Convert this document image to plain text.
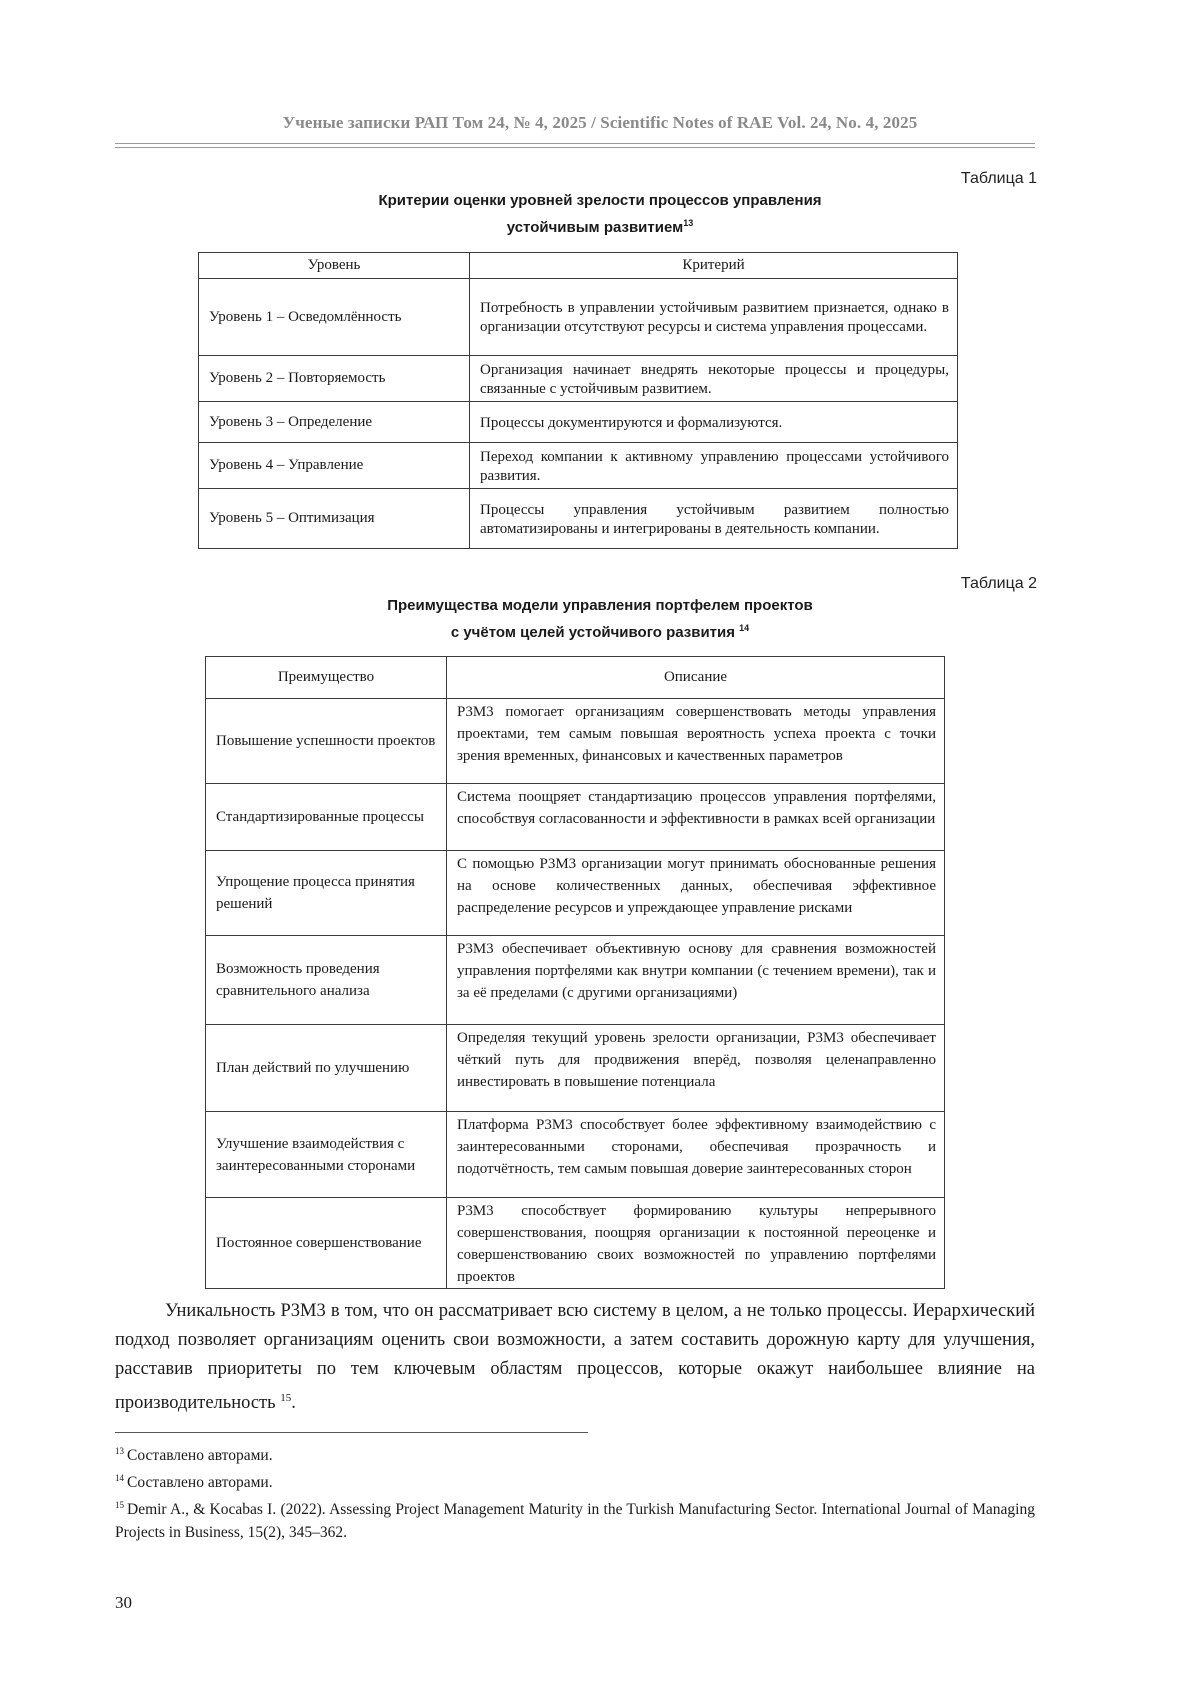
Ученые записки РАП Том 24, № 4, 2025 / Scientific Notes of RAE Vol. 24, No. 4, 2025
Таблица 1
Критерии оценки уровней зрелости процессов управления
устойчивым развитием$^{13}$
Уровень	Критерий
Уровень 1 – Осведомлённость	Потребность в управлении устойчивым развитием признается, однако в организации отсутствуют ресурсы и система управления процессами.
Уровень 2 – Повторяемость	Организация начинает внедрять некоторые процессы и процедуры, связанные с устойчивым развитием.
Уровень 3 – Определение	Процессы документируются и формализуются.
Уровень 4 – Управление	Переход компании к активному управлению процессами устойчивого развития.
Уровень 5 – Оптимизация	Процессы управления устойчивым развитием полностью автоматизированы и интегрированы в деятельность компании.
Таблица 2
Преимущества модели управления портфелем проектов
с учётом целей устойчивого развития $^{14}$
Преимущество	Описание
Повышение успешности проектов	P3M3 помогает организациям совершенствовать методы управления проектами, тем самым повышая вероятность успеха проекта с точки зрения временных, финансовых и качественных параметров
Стандартизированные процессы	Система поощряет стандартизацию процессов управления портфелями, способствуя согласованности и эффективности в рамках всей организации
Упрощение процесса принятия решений	С помощью P3M3 организации могут принимать обоснованные решения на основе количественных данных, обеспечивая эффективное распределение ресурсов и упреждающее управление рисками
Возможность проведения сравнительного анализа	P3M3 обеспечивает объективную основу для сравнения возможностей управления портфелями как внутри компании (с течением времени), так и за её пределами (с другими организациями)
План действий по улучшению	Определяя текущий уровень зрелости организации, P3M3 обеспечивает чёткий путь для продвижения вперёд, позволяя целенаправленно инвестировать в повышение потенциала
Улучшение взаимодействия с заинтересованными сторонами	Платформа P3M3 способствует более эффективному взаимодействию с заинтересованными сторонами, обеспечивая прозрачность и подотчётность, тем самым повышая доверие заинтересованных сторон
Постоянное совершенствование	P3M3 способствует формированию культуры непрерывного совершенствования, поощряя организации к постоянной переоценке и совершенствованию своих возможностей по управлению портфелями проектов
Уникальность P3M3 в том, что он рассматривает всю систему в целом, а не только процессы. Иерархический подход позволяет организациям оценить свои возможности, а затем составить дорожную карту для улучшения, расставив приоритеты по тем ключевым областям процессов, которые окажут наибольшее влияние на производительность $^{15}$.

$^{13}$ Составлено авторами.

$^{14}$ Составлено авторами.

$^{15}$ Demir A., & Kocabas I. (2022). Assessing Project Management Maturity in the Turkish Manufacturing Sector. International Journal of Managing Projects in Business, 15(2), 345–362.

30
